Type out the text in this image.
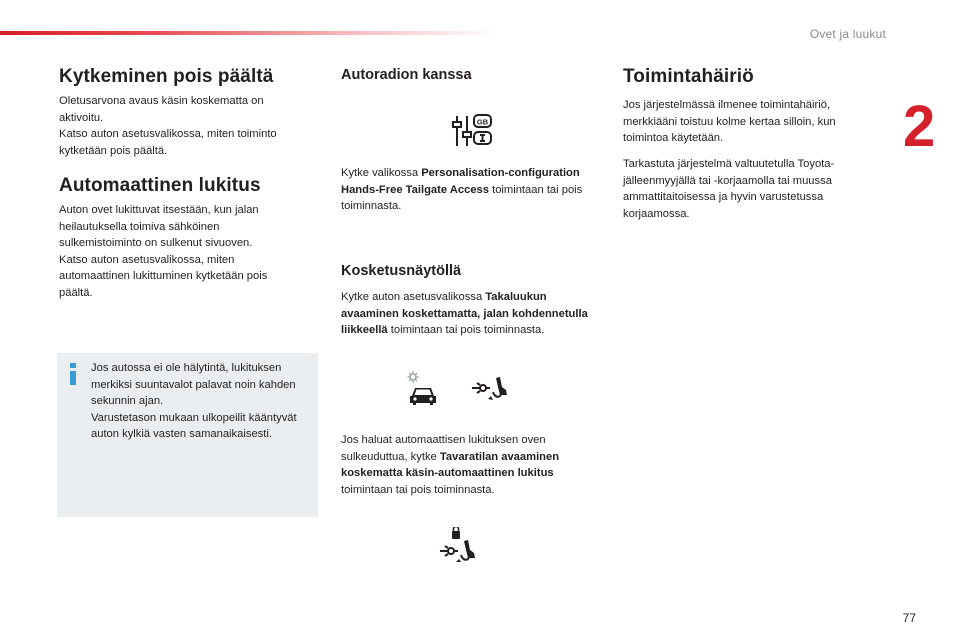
Ovet ja luukut
2
Kytkeminen pois päältä

Oletusarvona avaus käsin koskematta on aktivoitu.
Katso auton asetusvalikossa, miten toiminto kytketään pois päältä.

Automaattinen lukitus

Auton ovet lukittuvat itsestään, kun jalan heilautuksella toimiva sähköinen sulkemistoiminto on sulkenut sivuoven.
Katso auton asetusvalikossa, miten automaattinen lukittuminen kytketään pois päältä.

Jos autossa ei ole hälytintä, lukituksen merkiksi suuntavalot palavat noin kahden sekunnin ajan.
Varustetason mukaan ulkopeilit kääntyvät auton kylkiä vasten samanaikaisesti.

Autoradion kanssa
GB

Kytke valikossa Personalisation-configuration Hands-Free Tailgate Access toimintaan tai pois toiminnasta.

Kosketusnäytöllä

Kytke auton asetusvalikossa Takaluukun avaaminen koskettamatta, jalan kohdennetulla liikkeellä toimintaan tai pois toiminnasta.

Jos haluat automaattisen lukituksen oven sulkeuduttua, kytke Tavaratilan avaaminen koskematta käsin-automaattinen lukitus toimintaan tai pois toiminnasta.

Toimintahäiriö

Jos järjestelmässä ilmenee toimintahäiriö, merkkiääni toistuu kolme kertaa silloin, kun toimintoa käytetään.

Tarkastuta järjestelmä valtuutetulla Toyota-jälleenmyyjällä tai -korjaamolla tai muussa ammattitaitoisessa ja hyvin varustetussa korjaamossa.

77
